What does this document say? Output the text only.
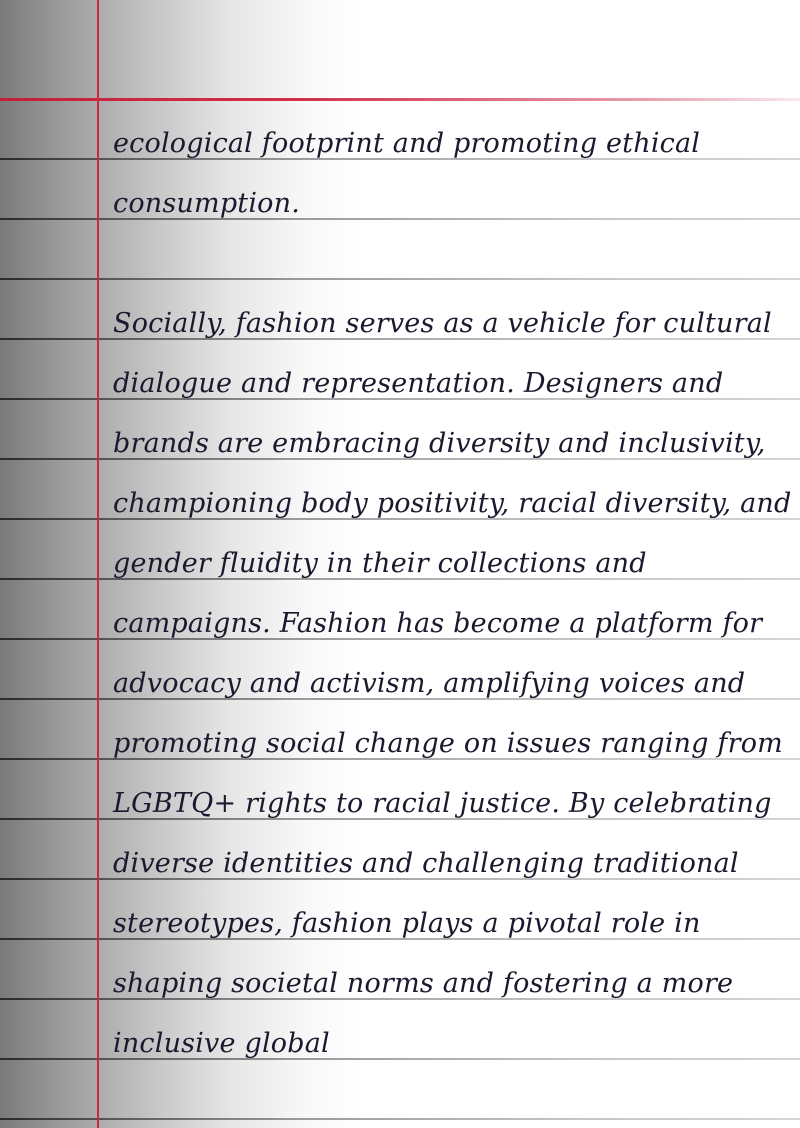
ecological footprint and promoting ethical
consumption.
Socially, fashion serves as a vehicle for cultural
dialogue and representation. Designers and
brands are embracing diversity and inclusivity,
championing body positivity, racial diversity, and
gender fluidity in their collections and
campaigns. Fashion has become a platform for
advocacy and activism, amplifying voices and
promoting social change on issues ranging from
LGBTQ+ rights to racial justice. By celebrating
diverse identities and challenging traditional
stereotypes, fashion plays a pivotal role in
shaping societal norms and fostering a more
inclusive global
